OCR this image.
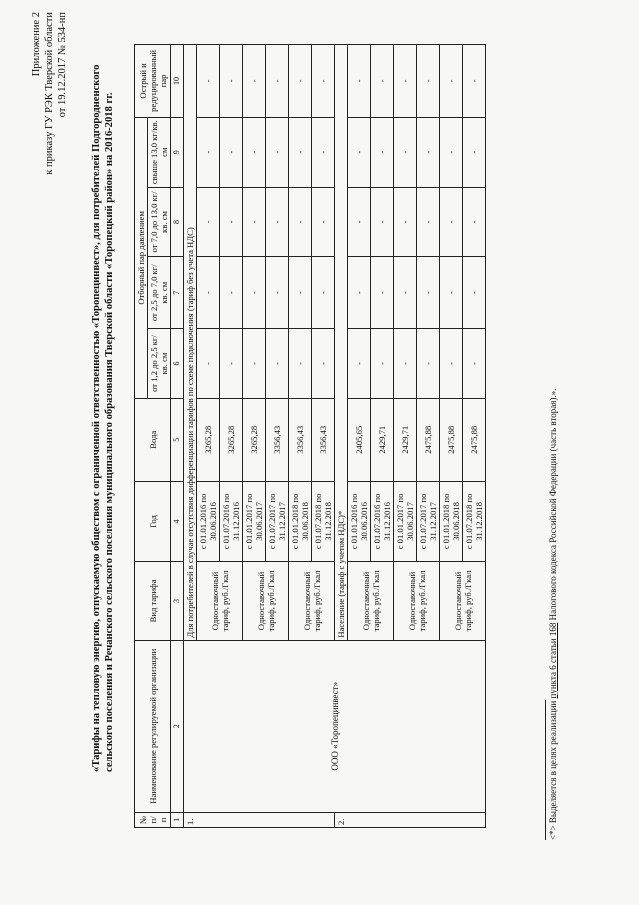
Приложение 2 к приказу ГУ РЭК Тверской области от 19.12.2017 № 534-нп «Тарифы на тепловую энергию, отпускаемую обществом с ограниченной ответственностью «Торопецинвест», для потребителей Подгородненского сельского поселения и Речанского сельского поселения муниципального образования Тверской области «Торопецкий район» на 2016-2018 гг.
№ п/п	Наименование регулируемой организации	Вид тарифа	Год	Вода	Отборный пар давлением				Острый и редуцированный пар
					от 1,2 до 2,5 кг/кв. см	от 2,5 до 7,0 кг/кв. см	от 7,0 до 13,0 кг/кв. см	свыше 13,0 кг/кв. см	
1	2	3	4	5	6	7	8	9	10
1.	ООО «Торопецинвест»	Для потребителей в случае отсутствия дифференциации тарифов по схеме подключения (тариф без учета НДС)							
		Одноставочный тариф, руб./Гкал	с 01.01.2016 по 30.06.2016	3265,28	-	-	-	-	-
			с 01.07.2016 по 31.12.2016	3265,28	-	-	-	-	-
		Одноставочный тариф, руб./Гкал	с 01.01.2017 по 30.06.2017	3265,28	-	-	-	-	-
			с 01.07.2017 по 31.12.2017	3356,43	-	-	-	-	-
		Одноставочный тариф, руб./Гкал	с 01.01.2018 по 30.06.2018	3356,43	-	-	-	-	-
			с 01.07.2018 по 31.12.2018	3356,43	-	-	-	-	-
2.		Население (тариф с учетом НДС)*							
		Одноставочный тариф, руб./Гкал	с 01.01.2016 по 30.06.2016	2405,65	-	-	-	-	-
			с 01.07.2016 по 31.12.2016	2429,71	-	-	-	-	-
		Одноставочный тариф, руб./Гкал	с 01.01.2017 по 30.06.2017	2429,71	-	-	-	-	-
			с 01.07.2017 по 31.12.2017	2475,88	-	-	-	-	-
		Одноставочный тариф, руб./Гкал	с 01.01.2018 по 30.06.2018	2475,88	-	-	-	-	-
			с 01.07.2018 по 31.12.2018	2475,88	-	-	-	-	-
<*> Выделяется в целях реализации пункта 6 статьи 168 Налогового кодекса Российской Федерации (часть вторая).».
